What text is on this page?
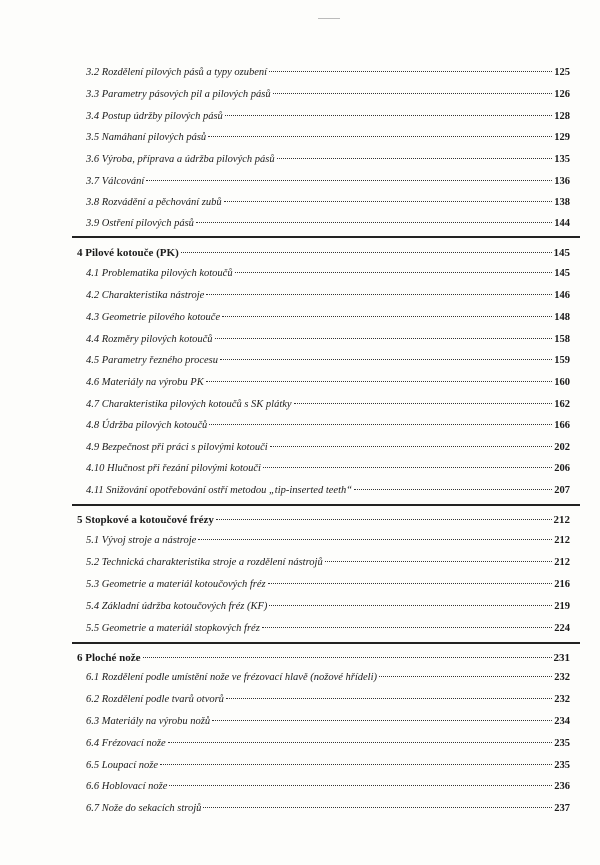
3.2 Rozdělení pilových pásů a typy ozubení	125
3.3 Parametry pásových pil a pilových pásů	126
3.4 Postup údržby pilových pásů	128
3.5 Namáhaní pilových pásů	129
3.6 Výroba, příprava a údržba pilových pásů	135
3.7 Válcování	136
3.8 Rozvádění a pěchování zubů	138
3.9 Ostření pilových pásů	144
4 Pilové kotouče (PK)	145
4.1 Problematika pilových kotoučů	145
4.2 Charakteristika nástroje	146
4.3 Geometrie pilového kotouče	148
4.4 Rozměry pilových kotoučů	158
4.5 Parametry řezného procesu	159
4.6 Materiály na výrobu PK	160
4.7 Charakteristika pilových kotoučů s SK plátky	162
4.8 Údržba pilových kotoučů	166
4.9 Bezpečnost při práci s pilovými kotouči	202
4.10 Hlučnost při řezání pilovými kotouči	206
4.11 Snižování opotřebování ostří metodou „tip-inserted teeth“	207
5 Stopkové a kotoučové frézy	212
5.1 Vývoj stroje a nástroje	212
5.2 Technická charakteristika stroje a rozdělení nástrojů	212
5.3 Geometrie a materiál kotoučových fréz	216
5.4 Základní údržba kotoučových fréz (KF)	219
5.5 Geometrie a materiál stopkových fréz	224
6 Ploché nože	231
6.1 Rozdělení podle umístění nože ve frézovací hlavě (nožové hřídeli)	232
6.2 Rozdělení podle tvarů otvorů	232
6.3 Materiály na výrobu nožů	234
6.4 Frézovací nože	235
6.5 Loupací nože	235
6.6 Hoblovací nože	236
6.7 Nože do sekacích strojů	237
